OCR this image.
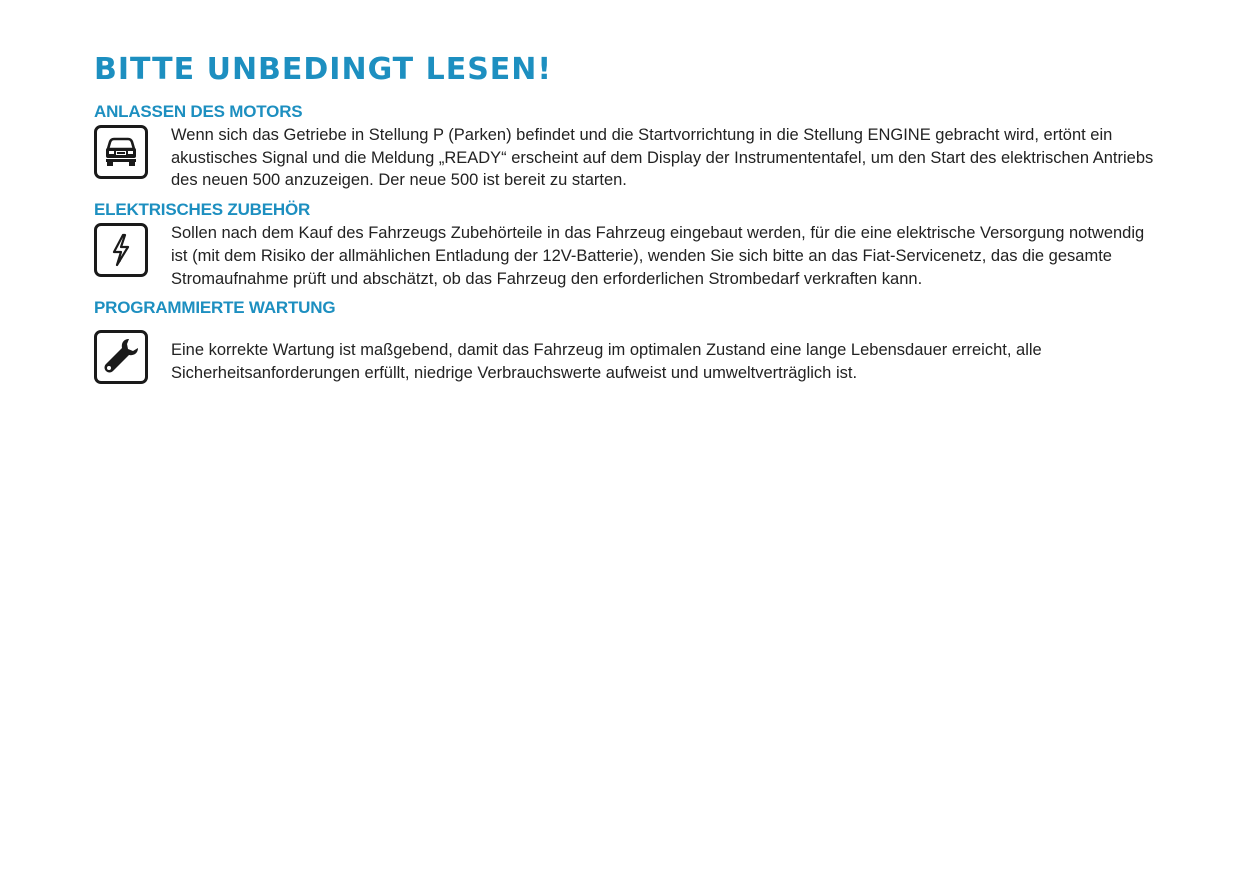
BITTE UNBEDINGT LESEN!
ANLASSEN DES MOTORS

Wenn sich das Getriebe in Stellung P (Parken) befindet und die Startvorrichtung in die Stellung ENGINE gebracht wird, ertönt ein akustisches Signal und die Meldung „READY“ erscheint auf dem Display der Instrumententafel, um den Start des elektrischen Antriebs des neuen 500 anzuzeigen. Der neue 500 ist bereit zu starten.

ELEKTRISCHES ZUBEHÖR

Sollen nach dem Kauf des Fahrzeugs Zubehörteile in das Fahrzeug eingebaut werden, für die eine elektrische Versorgung notwendig ist (mit dem Risiko der allmählichen Entladung der 12V-Batterie), wenden Sie sich bitte an das Fiat-Servicenetz, das die gesamte Stromaufnahme prüft und abschätzt, ob das Fahrzeug den erforderlichen Strombedarf verkraften kann.

PROGRAMMIERTE WARTUNG

Eine korrekte Wartung ist maßgebend, damit das Fahrzeug im optimalen Zustand eine lange Lebensdauer erreicht, alle Sicherheitsanforderungen erfüllt, niedrige Verbrauchswerte aufweist und umweltverträglich ist.
